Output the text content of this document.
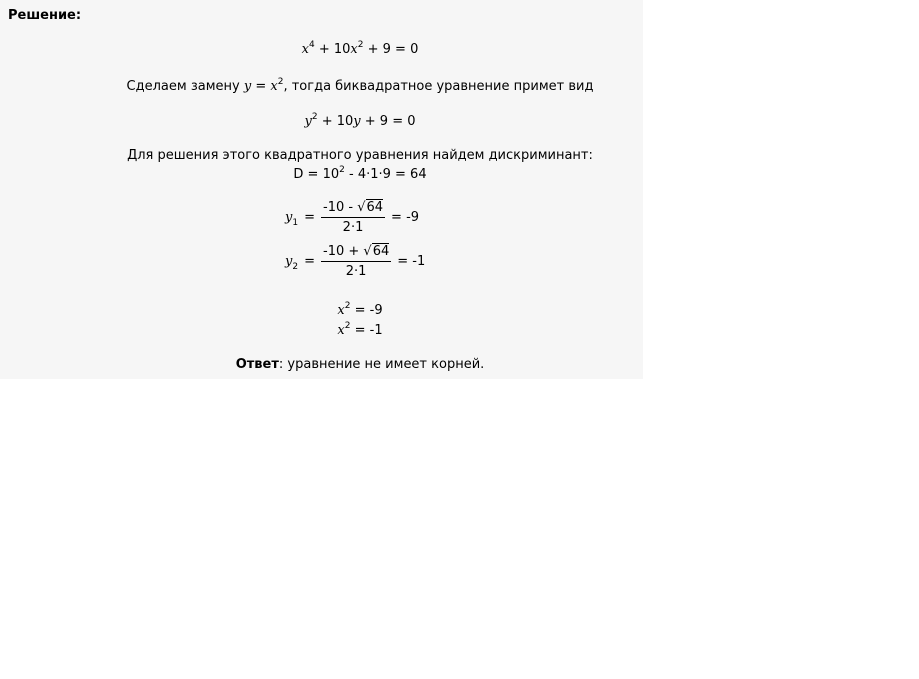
Решение:
$x^4 + 10x^2 + 9 = 0$
Сделаем замену $y = x^2$, тогда биквадратное уравнение примет вид
$y^2 + 10y + 9 = 0$
Для решения этого квадратного уравнения найдем дискриминант:
$D = 10^2 - 4\cdot 1\cdot 9 = 64$
$y_1 = \frac{-10 - √64}{2\cdot 1} = -9$
$y_2 = \frac{-10 + √64}{2\cdot 1} = -1$
$x^2 = -9$
$x^2 = -1$
Ответ: уравнение не имеет корней.
